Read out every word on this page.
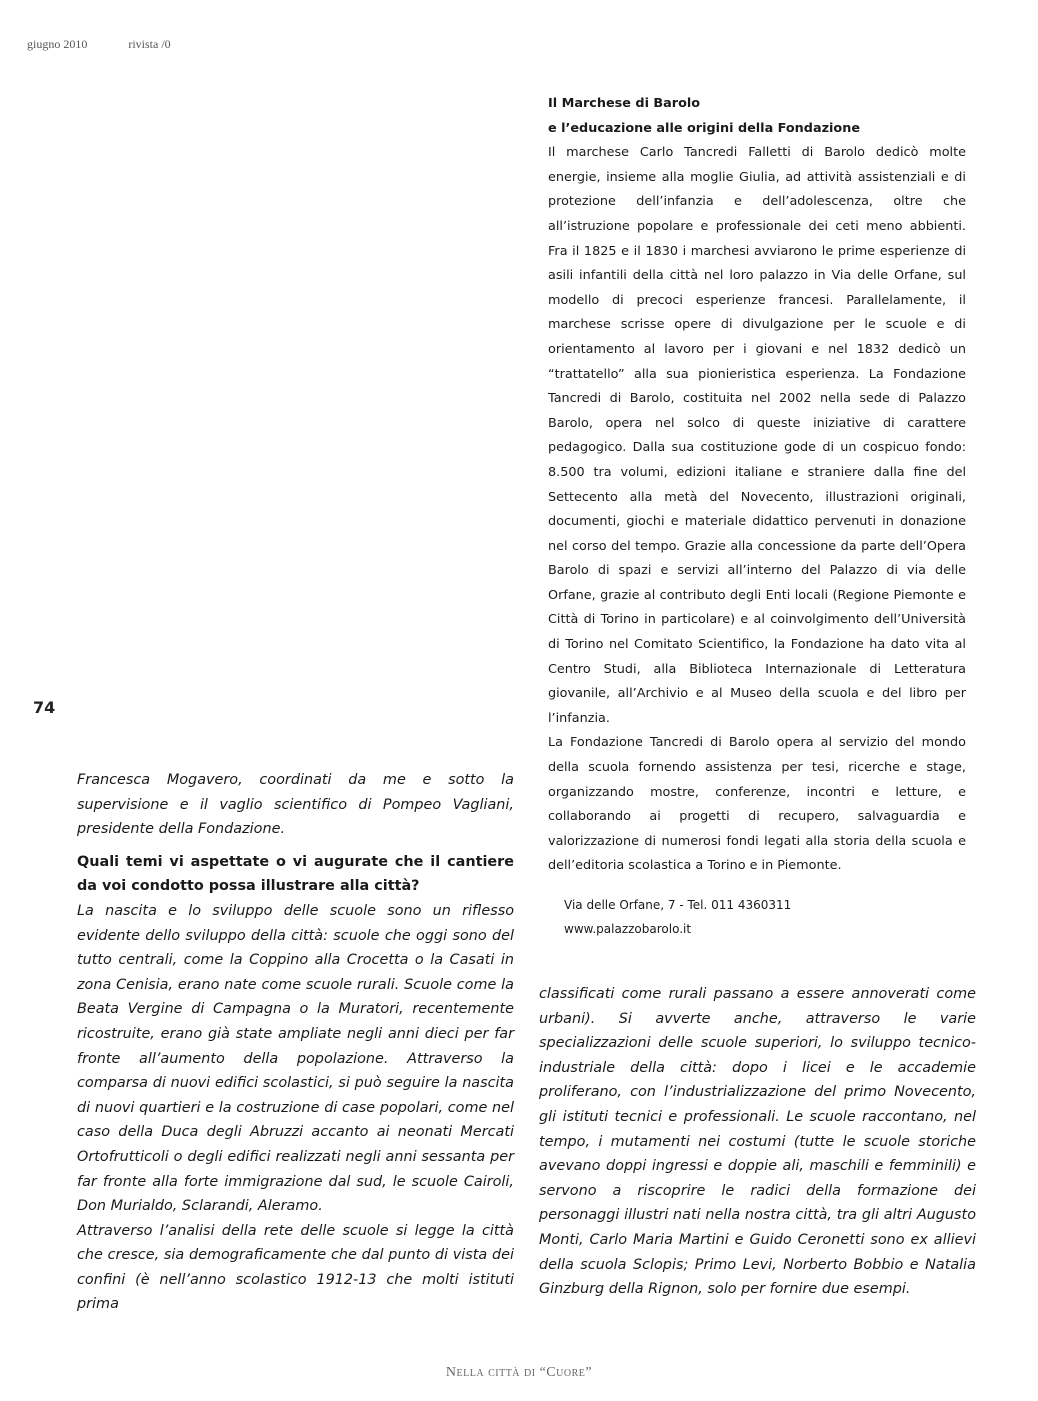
giugno 2010	rivista /0
74

Il Marchese di Barolo

e l’educazione alle origini della Fondazione

Il marchese Carlo Tancredi Falletti di Barolo dedicò molte energie, insieme alla moglie Giulia, ad attività assistenziali e di protezione dell’infanzia e dell’adolescenza, oltre che all’istruzione popolare e professionale dei ceti meno abbienti. Fra il 1825 e il 1830 i marchesi avviarono le prime esperienze di asili infantili della città nel loro palazzo in Via delle Orfane, sul modello di precoci esperienze francesi. Parallelamente, il marchese scrisse opere di divulgazione per le scuole e di orientamento al lavoro per i giovani e nel 1832 dedicò un “trattatello” alla sua pionieristica esperienza. La Fondazione Tancredi di Barolo, costituita nel 2002 nella sede di Palazzo Barolo, opera nel solco di queste iniziative di carattere pedagogico. Dalla sua costituzione gode di un cospicuo fondo: 8.500 tra volumi, edizioni italiane e straniere dalla fine del Settecento alla metà del Novecento, illustrazioni originali, documenti, giochi e materiale didattico pervenuti in donazione nel corso del tempo. Grazie alla concessione da parte dell’Opera Barolo di spazi e servizi all’interno del Palazzo di via delle Orfane, grazie al contributo degli Enti locali (Regione Piemonte e Città di Torino in particolare) e al coinvolgimento dell’Università di Torino nel Comitato Scientifico, la Fondazione ha dato vita al Centro Studi, alla Biblioteca Internazionale di Letteratura giovanile, all’Archivio e al Museo della scuola e del libro per l’infanzia.

La Fondazione Tancredi di Barolo opera al servizio del mondo della scuola fornendo assistenza per tesi, ricerche e stage, organizzando mostre, conferenze, incontri e letture, e collaborando ai progetti di recupero, salvaguardia e valorizzazione di numerosi fondi legati alla storia della scuola e dell’editoria scolastica a Torino e in Piemonte.

Via delle Orfane, 7 - Tel. 011 4360311
www.palazzobarolo.it

Francesca Mogavero, coordinati da me e sotto la supervisione e il vaglio scientifico di Pompeo Vagliani, presidente della Fondazione.

Quali temi vi aspettate o vi augurate che il cantiere da voi condotto possa illustrare alla città?

La nascita e lo sviluppo delle scuole sono un riflesso evidente dello sviluppo della città: scuole che oggi sono del tutto centrali, come la Coppino alla Crocetta o la Casati in zona Cenisia, erano nate come scuole rurali. Scuole come la Beata Vergine di Campagna o la Muratori, recentemente ricostruite, erano già state ampliate negli anni dieci per far fronte all’aumento della popolazione. Attraverso la comparsa di nuovi edifici scolastici, si può seguire la nascita di nuovi quartieri e la costruzione di case popolari, come nel caso della Duca degli Abruzzi accanto ai neonati Mercati Ortofrutticoli o degli edifici realizzati negli anni sessanta per far fronte alla forte immigrazione dal sud, le scuole Cairoli, Don Murialdo, Sclarandi, Aleramo.

Attraverso l’analisi della rete delle scuole si legge la città che cresce, sia demograficamente che dal punto di vista dei confini (è nell’anno scolastico 1912-13 che molti istituti prima

classificati come rurali passano a essere annoverati come urbani). Si avverte anche, attraverso le varie specializzazioni delle scuole superiori, lo sviluppo tecnico-industriale della città: dopo i licei e le accademie proliferano, con l’industrializzazione del primo Novecento, gli istituti tecnici e professionali. Le scuole raccontano, nel tempo, i mutamenti nei costumi (tutte le scuole storiche avevano doppi ingressi e doppie ali, maschili e femminili) e servono a riscoprire le radici della formazione dei personaggi illustri nati nella nostra città, tra gli altri Augusto Monti, Carlo Maria Martini e Guido Ceronetti sono ex allievi della scuola Sclopis; Primo Levi, Norberto Bobbio e Natalia Ginzburg della Rignon, solo per fornire due esempi.

Nella città di “Cuore”
